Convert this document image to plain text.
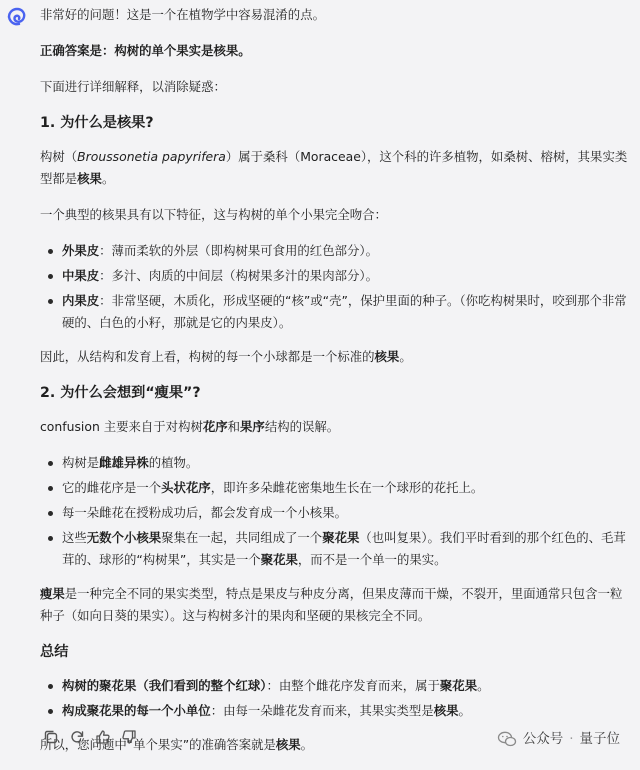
非常好的问题！这是一个在植物学中容易混淆的点。

正确答案是：构树的单个果实是核果。

下面进行详细解释，以消除疑惑：

1. 为什么是核果?

构树（Broussonetia papyrifera）属于桑科（Moraceae），这个科的许多植物，如桑树、榕树，其果实类型都是核果。

一个典型的核果具有以下特征，这与构树的单个小果完全吻合：

外果皮：薄而柔软的外层（即构树果可食用的红色部分）。
中果皮：多汁、肉质的中间层（构树果多汁的果肉部分）。
内果皮：非常坚硬，木质化，形成坚硬的“核”或“壳”，保护里面的种子。（你吃构树果时，咬到那个非常硬的、白色的小籽，那就是它的内果皮）。

因此，从结构和发育上看，构树的每一个小球都是一个标准的核果。

2. 为什么会想到“瘦果”?

confusion 主要来自于对构树花序和果序结构的误解。

构树是雌雄异株的植物。
它的雌花序是一个头状花序，即许多朵雌花密集地生长在一个球形的花托上。
每一朵雌花在授粉成功后，都会发育成一个小核果。
这些无数个小核果聚集在一起，共同组成了一个聚花果（也叫复果）。我们平时看到的那个红色的、毛茸茸的、球形的“构树果”，其实是一个聚花果，而不是一个单一的果实。

瘦果是一种完全不同的果实类型，特点是果皮与种皮分离，但果皮薄而干燥，不裂开，里面通常只包含一粒种子（如向日葵的果实）。这与构树多汁的果肉和坚硬的果核完全不同。

总结
构树的聚花果（我们看到的整个红球）：由整个雌花序发育而来，属于聚花果。
构成聚花果的每一个小单位：由每一朵雌花发育而来，其果实类型是核果。

所以，您问题中“单个果实”的准确答案就是核果。	公众号 · 量子位
